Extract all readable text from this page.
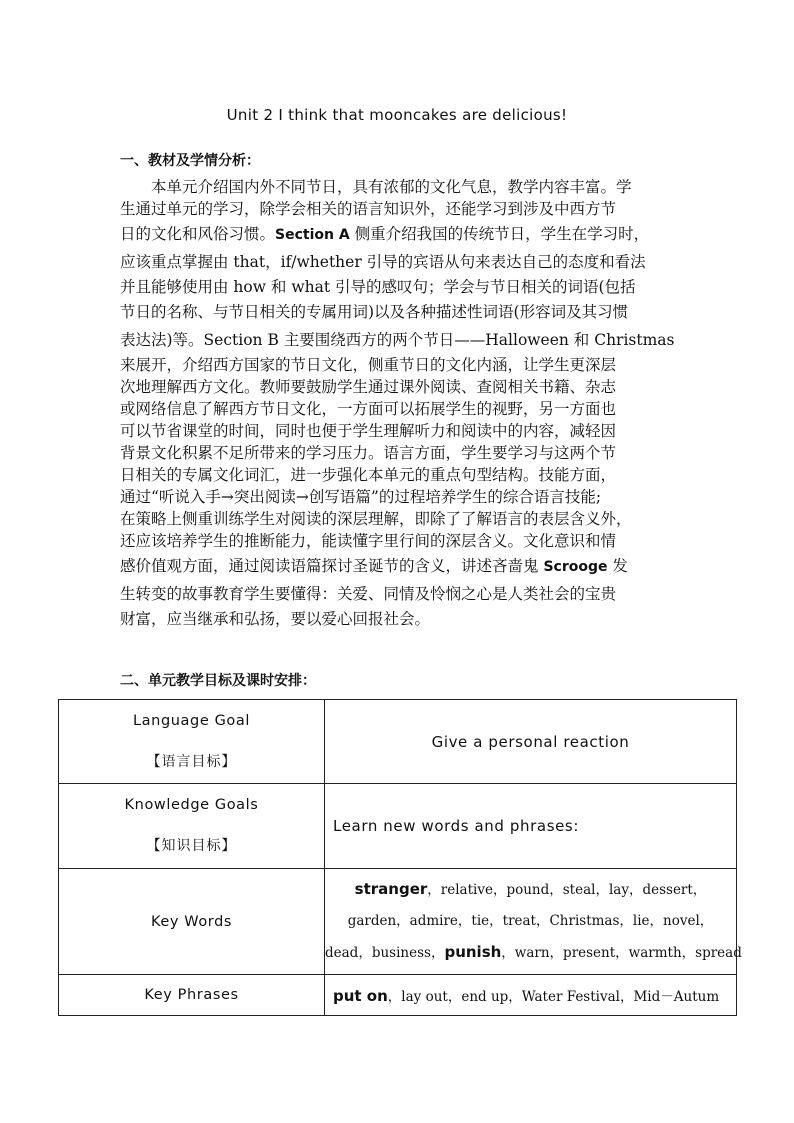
Unit 2 I think that mooncakes are delicious!
一、教材及学情分析：
本单元介绍国内外不同节日，具有浓郁的文化气息，教学内容丰富。学
生通过单元的学习，除学会相关的语言知识外，还能学习到涉及中西方节
日的文化和风俗习惯。Section A 侧重介绍我国的传统节日，学生在学习时，
应该重点掌握由 that，if/whether 引导的宾语从句来表达自己的态度和看法
并且能够使用由 how 和 what 引导的感叹句；学会与节日相关的词语(包括
节日的名称、与节日相关的专属用词)以及各种描述性词语(形容词及其习惯
表达法)等。Section B 主要围绕西方的两个节日——Halloween 和 Christmas
来展开，介绍西方国家的节日文化，侧重节日的文化内涵，让学生更深层
次地理解西方文化。教师要鼓励学生通过课外阅读、查阅相关书籍、杂志
或网络信息了解西方节日文化，一方面可以拓展学生的视野，另一方面也
可以节省课堂的时间，同时也便于学生理解听力和阅读中的内容，减轻因
背景文化积累不足所带来的学习压力。语言方面，学生要学习与这两个节
日相关的专属文化词汇，进一步强化本单元的重点句型结构。技能方面，
通过“听说入手→突出阅读→创写语篇”的过程培养学生的综合语言技能;
在策略上侧重训练学生对阅读的深层理解，即除了了解语言的表层含义外，
还应该培养学生的推断能力，能读懂字里行间的深层含义。文化意识和情
感价值观方面，通过阅读语篇探讨圣诞节的含义，讲述吝啬鬼 Scrooge 发
生转变的故事教育学生要懂得：关爱、同情及怜悯之心是人类社会的宝贵
财富，应当继承和弘扬，要以爱心回报社会。
二、单元教学目标及课时安排：
Language Goal
【语言目标】	Give a personal reaction
Knowledge Goals
【知识目标】	Learn new words and phrases:
Key Words	stranger，relative，pound，steal，lay，dessert，
garden，admire，tie，treat，Christmas，lie，novel，
dead，business，punish，warn，present，warmth，spread

Key Phrases	put on，lay out，end up，Water Festival，Mid－Autum
